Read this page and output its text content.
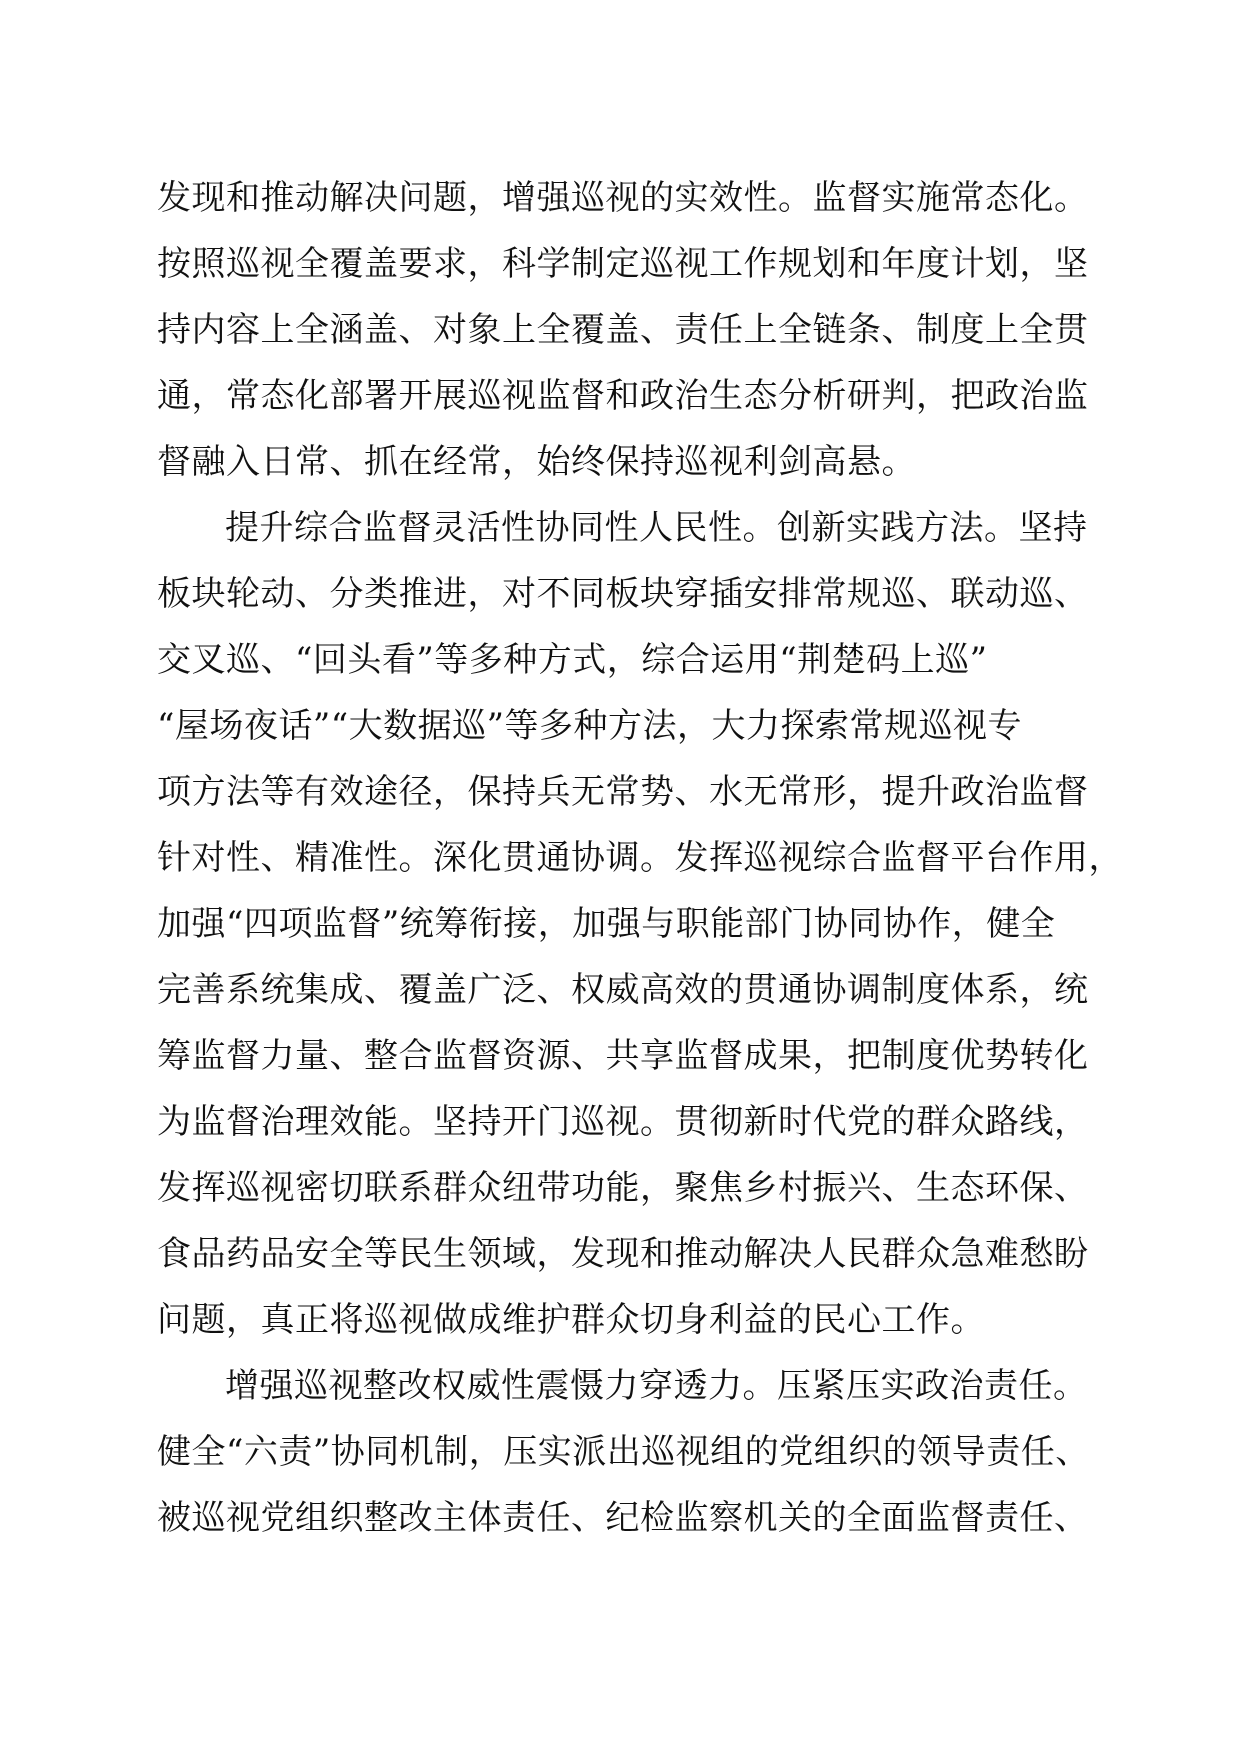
发现和推动解决问题，增强巡视的实效性。监督实施常态化。
按照巡视全覆盖要求，科学制定巡视工作规划和年度计划，坚
持内容上全涵盖、对象上全覆盖、责任上全链条、制度上全贯
通，常态化部署开展巡视监督和政治生态分析研判，把政治监
督融入日常、抓在经常，始终保持巡视利剑高悬。
提升综合监督灵活性协同性人民性。创新实践方法。坚持
板块轮动、分类推进，对不同板块穿插安排常规巡、联动巡、
交叉巡、“回头看”等多种方式，综合运用“荆楚码上巡”
“屋场夜话”“大数据巡”等多种方法，大力探索常规巡视专
项方法等有效途径，保持兵无常势、水无常形，提升政治监督
针对性、精准性。深化贯通协调。发挥巡视综合监督平台作用，
加强“四项监督”统筹衔接，加强与职能部门协同协作，健全
完善系统集成、覆盖广泛、权威高效的贯通协调制度体系，统
筹监督力量、整合监督资源、共享监督成果，把制度优势转化
为监督治理效能。坚持开门巡视。贯彻新时代党的群众路线，
发挥巡视密切联系群众纽带功能，聚焦乡村振兴、生态环保、
食品药品安全等民生领域，发现和推动解决人民群众急难愁盼
问题，真正将巡视做成维护群众切身利益的民心工作。
增强巡视整改权威性震慑力穿透力。压紧压实政治责任。
健全“六责”协同机制，压实派出巡视组的党组织的领导责任、
被巡视党组织整改主体责任、纪检监察机关的全面监督责任、
